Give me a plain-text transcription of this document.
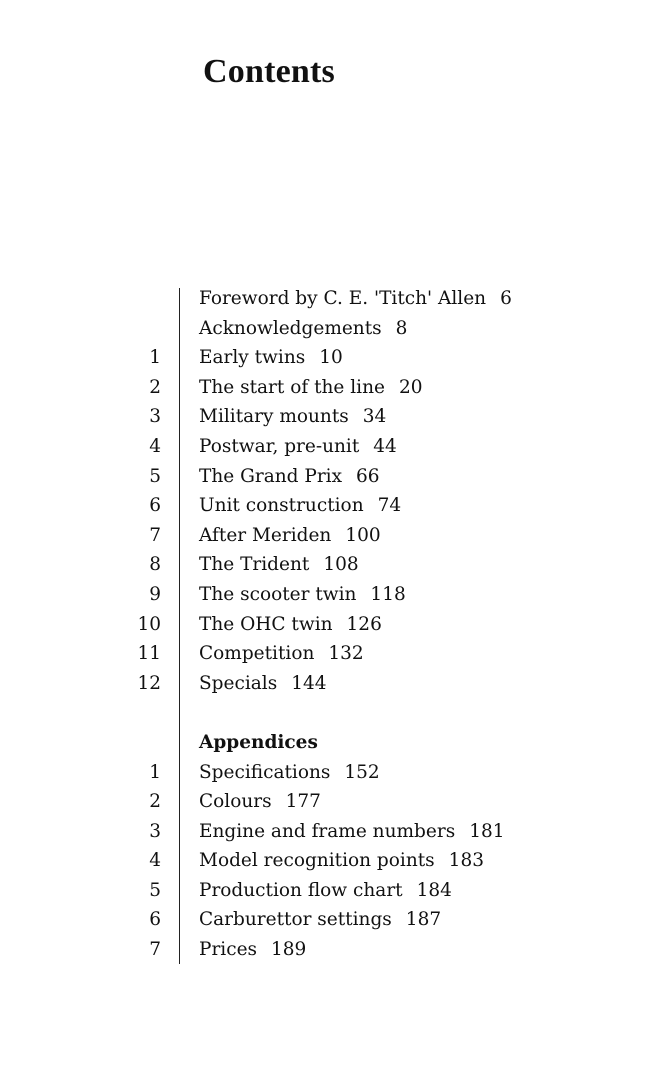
Contents
Foreword by C. E. 'Titch' Allen 6
Acknowledgements 8
1 Early twins 10
2 The start of the line 20
3 Military mounts 34
4 Postwar, pre-unit 44
5 The Grand Prix 66
6 Unit construction 74
7 After Meriden 100
8 The Trident 108
9 The scooter twin 118
10 The OHC twin 126
11 Competition 132
12 Specials 144
Appendices
1 Specifications 152
2 Colours 177
3 Engine and frame numbers 181
4 Model recognition points 183
5 Production flow chart 184
6 Carburettor settings 187
7 Prices 189
